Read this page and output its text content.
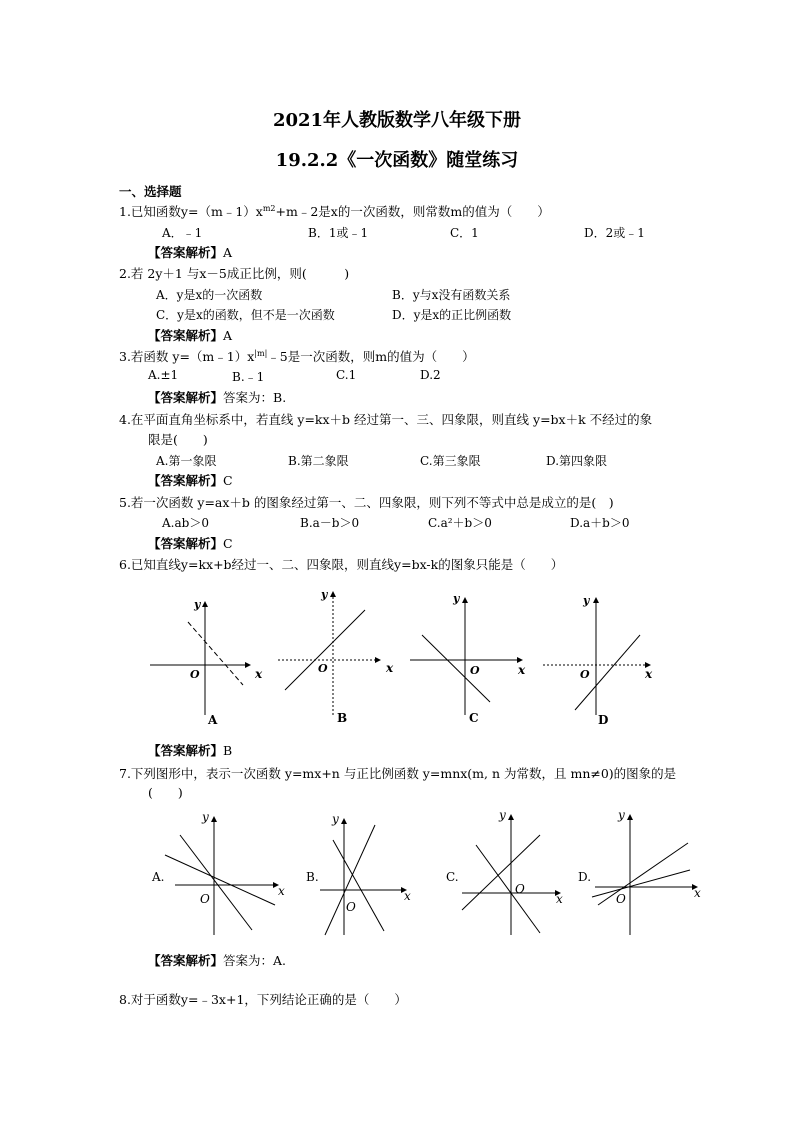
2021年人教版数学八年级下册
19.2.2《一次函数》随堂练习
一、选择题
1.已知函数$y=(m﹣1)x^{m2}+m﹣2$是x的一次函数，则常数m的值为（　　）
A．﹣1	B．1或﹣1	C．1	D．2或﹣1
【答案解析】A
2.若 2y＋1 与x－5成正比例，则(　　　)
A．y是x的一次函数	B．y与x没有函数关系
C．y是x的函数，但不是一次函数	D．y是x的正比例函数
【答案解析】A
3.若函数 $y=(m﹣1)x^{|m|}﹣5$是一次函数，则m的值为（　　）
A.±1	B.﹣1	C.1	D.2
【答案解析】答案为：B.
4.在平面直角坐标系中，若直线 y=kx＋b 经过第一、三、四象限，则直线 y=bx＋k 不经过的象
限是(　　)
A.第一象限	B.第二象限	C.第三象限	D.第四象限
【答案解析】C
5.若一次函数 y=ax＋b 的图象经过第一、二、四象限，则下列不等式中总是成立的是(　)
A.ab＞0	B.a－b＞0	C.a²＋b＞0	D.a＋b＞0
【答案解析】C
6.已知直线y=kx+b经过一、二、四象限，则直线y=bx-k的图象只能是（　　）
y
x
O
A
y
x
O
B
y
x
O
C
y
x
O
D
【答案解析】B
7.下列图形中，表示一次函数 y=mx+n 与正比例函数 y=mnx(m, n 为常数，且 mn≠0)的图象的是
(　　)
y
x
O
A.
y
x
O
B.
y
x
O
C.
y
x
O
D.
【答案解析】答案为：A.
8.对于函数y=﹣3x+1，下列结论正确的是（　　）
